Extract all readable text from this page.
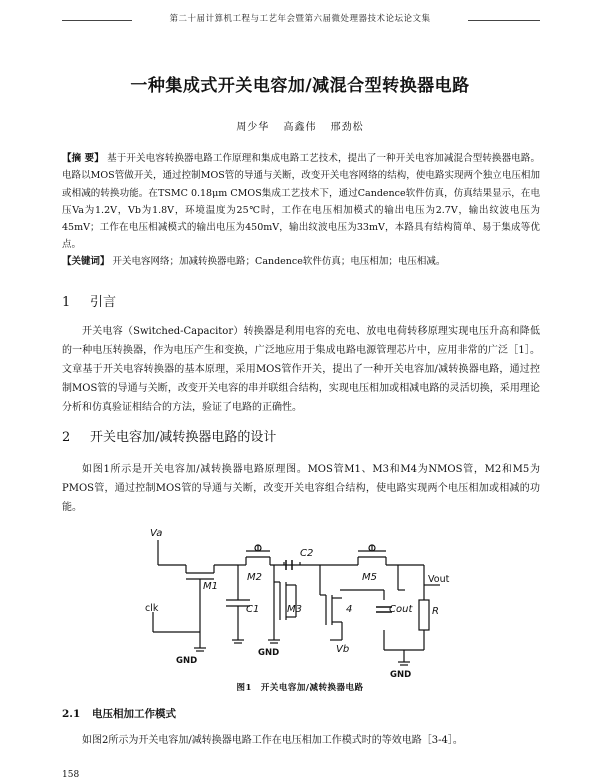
第二十届计算机工程与工艺年会暨第六届微处理器技术论坛论文集
一种集成式开关电容加/减混合型转换器电路
周少华 高鑫伟 邢劲松
【摘 要】 基于开关电容转换器电路工作原理和集成电路工艺技术，提出了一种开关电容加减混合型转换器电路。电路以MOS管做开关，通过控制MOS管的导通与关断，改变开关电容网络的结构，使电路实现两个独立电压相加或相减的转换功能。在TSMC 0.18μm CMOS集成工艺技术下，通过Candence软件仿真，仿真结果显示，在电压Va为1.2V，Vb为1.8V，环境温度为25℃时，工作在电压相加模式的输出电压为2.7V，输出纹波电压为45mV；工作在电压相减模式的输出电压为450mV，输出纹波电压为33mV，本路具有结构简单、易于集成等优点。
【关键词】 开关电容网络；加减转换器电路；Candence软件仿真；电压相加；电压相减。
1 引言
开关电容（Switched-Capacitor）转换器是利用电容的充电、放电电荷转移原理实现电压升高和降低的一种电压转换器，作为电压产生和变换，广泛地应用于集成电路电源管理芯片中，应用非常的广泛［1］。文章基于开关电容转换器的基本原理，采用MOS管作开关，提出了一种开关电容加/减转换器电路，通过控制MOS管的导通与关断，改变开关电容的串并联组合结构，实现电压相加或相减电路的灵活切换，采用理论分析和仿真验证相结合的方法，验证了电路的正确性。
2 开关电容加/减转换器电路的设计
如图1所示是开关电容加/减转换器电路原理图。MOS管M1、M3和M4为NMOS管，M2和M5为PMOS管，通过控制MOS管的导通与关断，改变开关电容组合结构，使电路实现两个电压相加或相减的功能。
Va
M1
M2
C2
M5
C1	M3	4	Cout R
Vb
clk
Vout
GND
GND
GND
图1　开关电容加/减转换器电路
2.1 电压相加工作模式
如图2所示为开关电容加/减转换器电路工作在电压相加工作模式时的等效电路［3-4］。
158
